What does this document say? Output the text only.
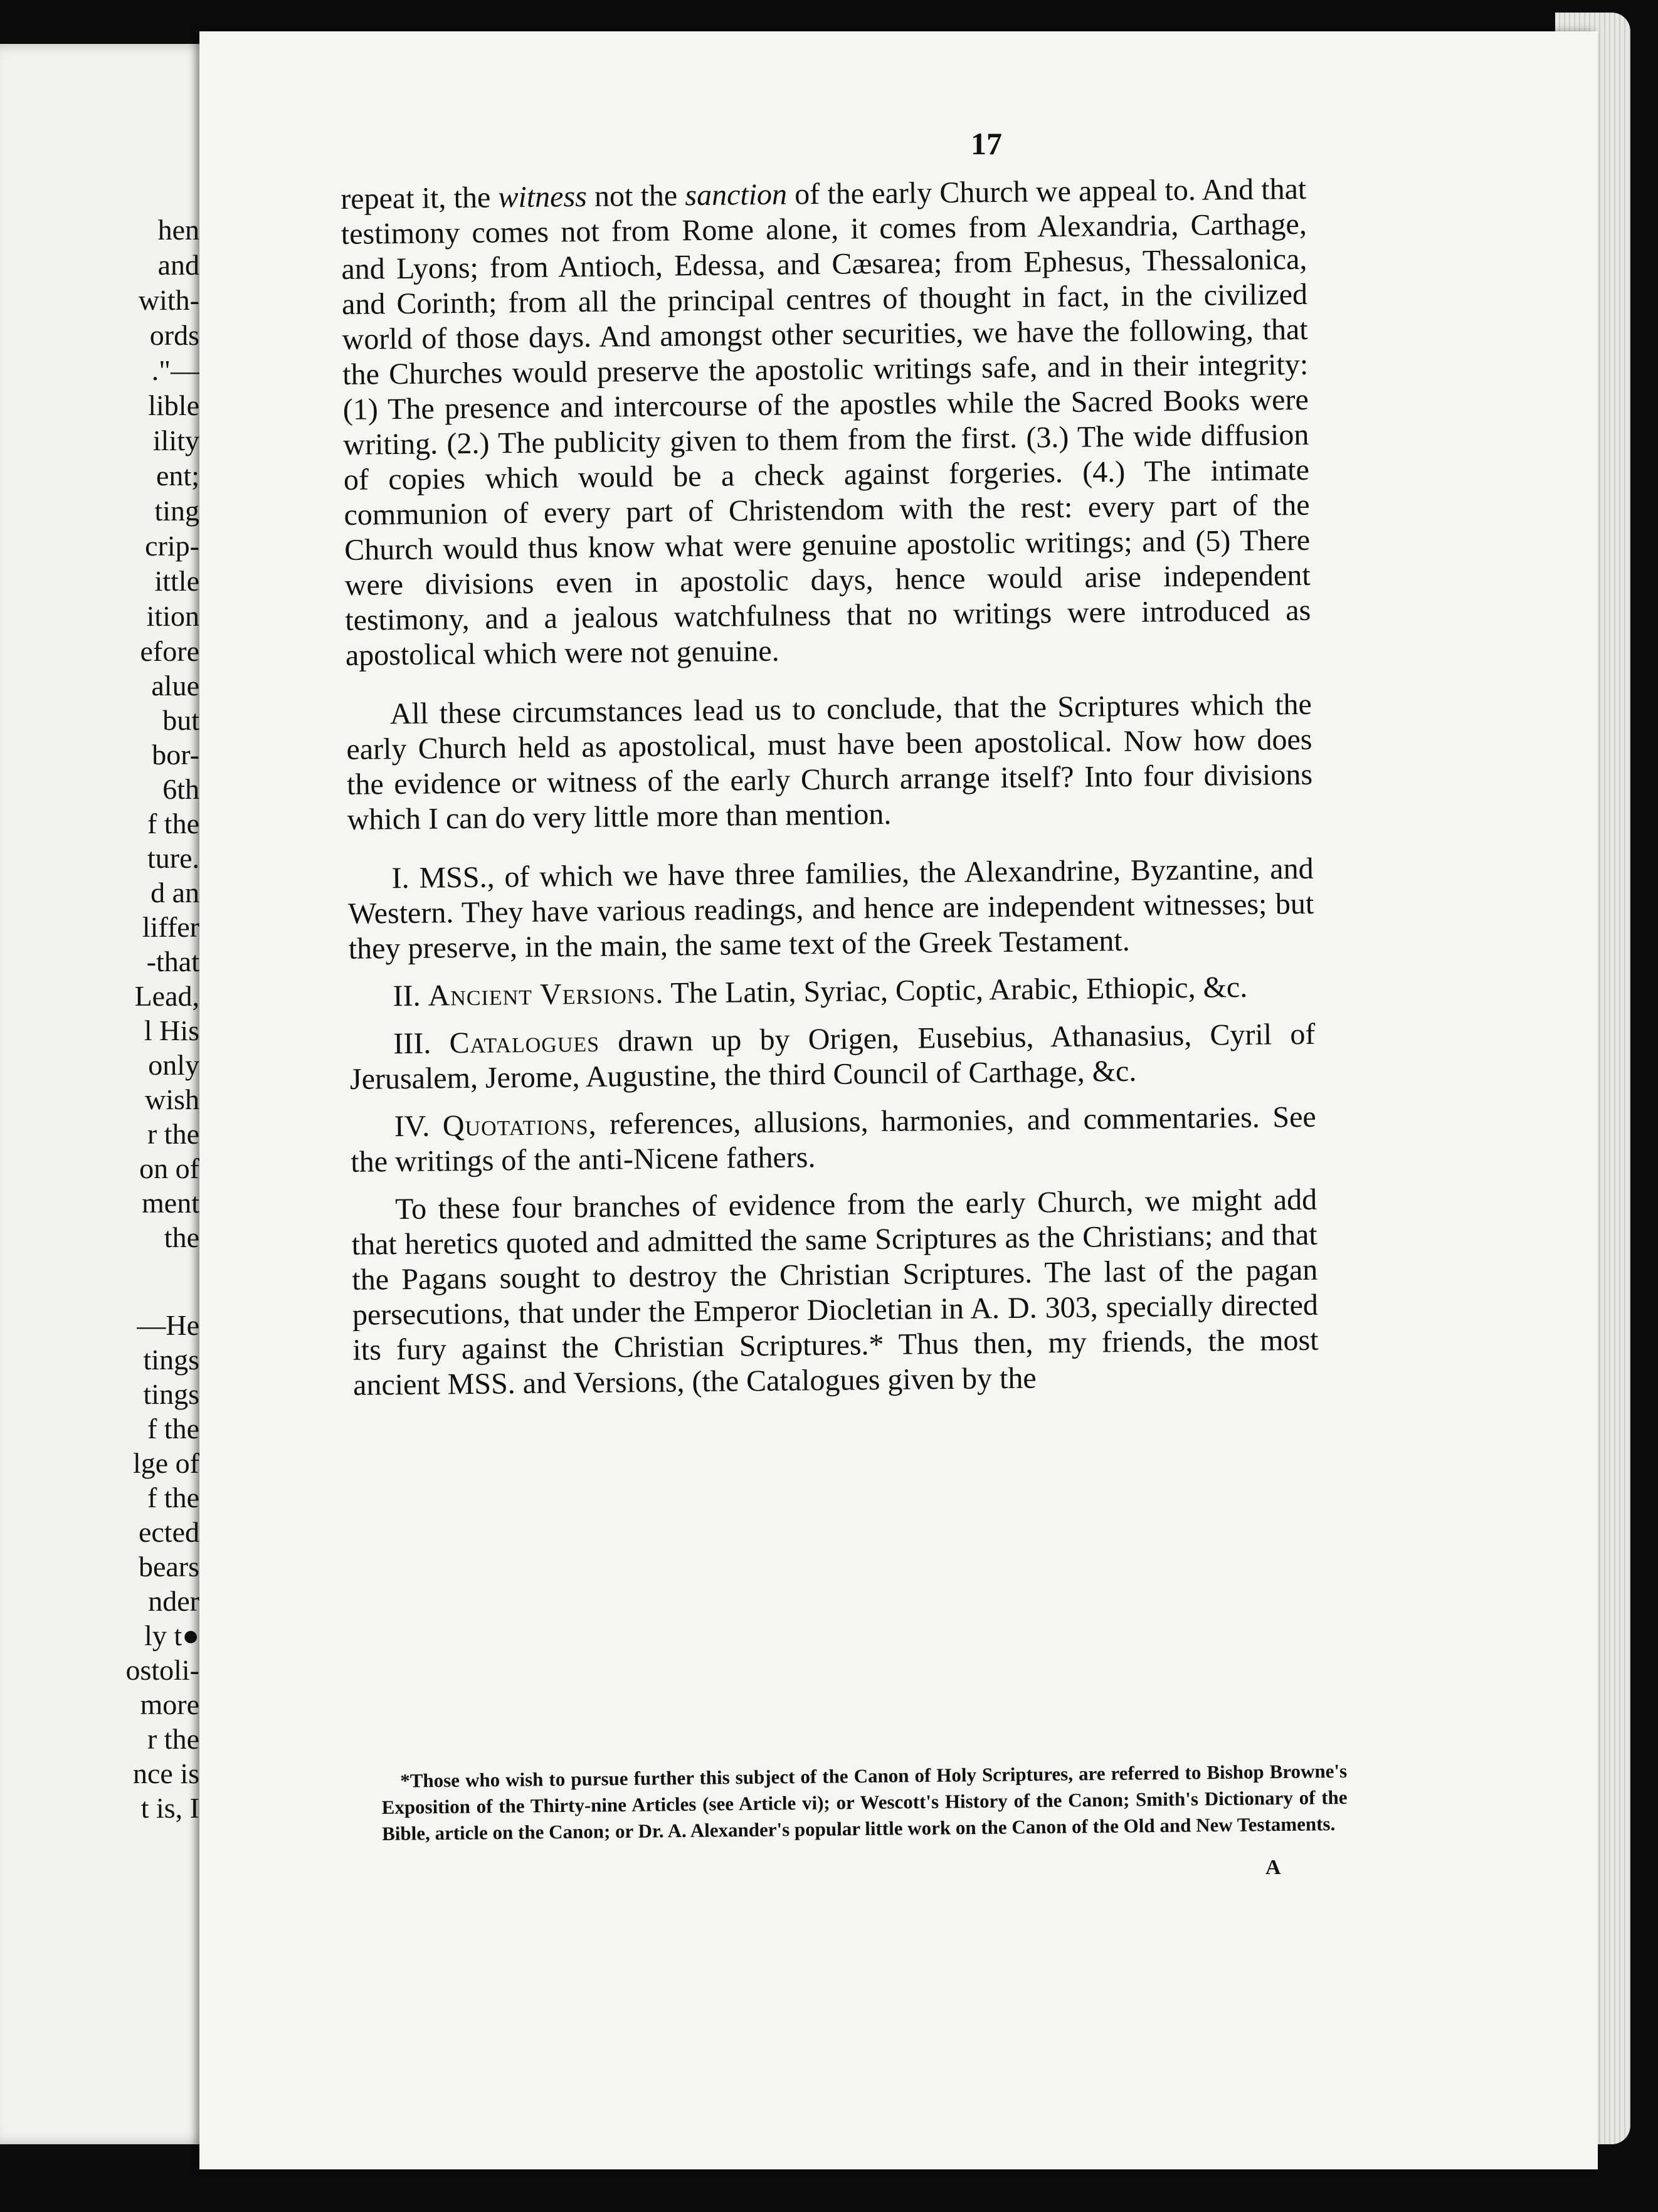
hen
and
with-
ords
."—
lible
ility
ent;
ting
crip-
ittle
ition
efore
alue
but
bor-
6th
f the
ture.
d an
liffer
-that
Lead,
l His
only
wish
r the
on of
ment
the
—He
tings
tings
f the
lge of
f the
ected
bears
nder
ly t●
ostoli-
more
r the
nce is
t is, I
17

repeat it, the witness not the sanction of the early Church we appeal to. And that testimony comes not from Rome alone, it comes from Alexandria, Carthage, and Lyons; from Antioch, Edessa, and Cæsarea; from Ephesus, Thessalonica, and Corinth; from all the principal centres of thought in fact, in the civilized world of those days. And amongst other securities, we have the following, that the Churches would preserve the apostolic writings safe, and in their integrity: (1) The presence and intercourse of the apostles while the Sacred Books were writing. (2.) The publicity given to them from the first. (3.) The wide diffusion of copies which would be a check against forgeries. (4.) The intimate communion of every part of Christendom with the rest: every part of the Church would thus know what were genuine apostolic writings; and (5) There were divisions even in apostolic days, hence would arise independent testimony, and a jealous watchfulness that no writings were introduced as apostolical which were not genuine.

All these circumstances lead us to conclude, that the Scriptures which the early Church held as apostolical, must have been apostolical. Now how does the evidence or witness of the early Church arrange itself? Into four divisions which I can do very little more than mention.

I. MSS., of which we have three families, the Alexandrine, Byzantine, and Western. They have various readings, and hence are independent witnesses; but they preserve, in the main, the same text of the Greek Testament.

II. Ancient Versions. The Latin, Syriac, Coptic, Arabic, Ethiopic, &c.

III. Catalogues drawn up by Origen, Eusebius, Athanasius, Cyril of Jerusalem, Jerome, Augustine, the third Council of Carthage, &c.

IV. Quotations, references, allusions, harmonies, and commentaries. See the writings of the anti-Nicene fathers.

To these four branches of evidence from the early Church, we might add that heretics quoted and admitted the same Scriptures as the Christians; and that the Pagans sought to destroy the Christian Scriptures. The last of the pagan persecutions, that under the Emperor Diocletian in A. D. 303, specially directed its fury against the Christian Scriptures.* Thus then, my friends, the most ancient MSS. and Versions, (the Catalogues given by the

*Those who wish to pursue further this subject of the Canon of Holy Scriptures, are referred to Bishop Browne's Exposition of the Thirty-nine Articles (see Article vi); or Wescott's History of the Canon; Smith's Dictionary of the Bible, article on the Canon; or Dr. A. Alexander's popular little work on the Canon of the Old and New Testaments.

A
